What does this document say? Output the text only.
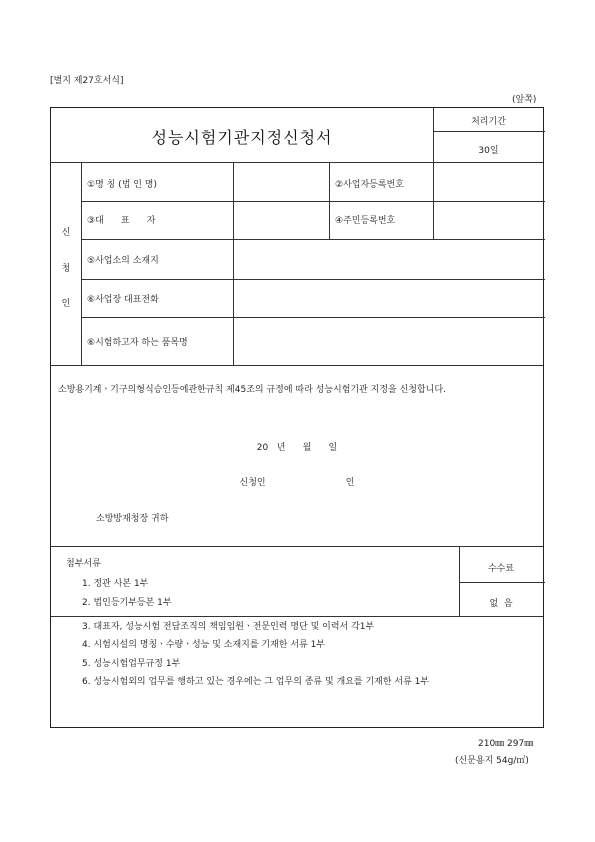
[별지 제27호서식]
(앞쪽)
성능시험기관지정신청서
처리기간
30일
신
청
인
①명 칭 (법 인 명)	②사업자등록번호
③대      표      자	④주민등록번호
⑤사업소의 소재지
⑥사업장 대표전화
⑥시험하고자 하는 품목명
소방용기계ㆍ기구의형식승인등에관한규칙 제45조의 규정에 따라 성능시험기관 지정을 신청합니다.
20   년      월      일
신청인                            인
소방방재청장 귀하
첨부서류
1. 정관 사본 1부
2. 법인등기부등본 1부
3. 대표자, 성능시험 전담조직의 책임임원ㆍ전문인력 명단 및 이력서 각1부
4. 시험시설의 명칭ㆍ수량ㆍ성능 및 소재지를 기재한 서류 1부
5. 성능시험업무규정 1부
6. 성능시험외의 업무를 행하고 있는 경우에는 그 업무의 종류 및 개요를 기재한 서류 1부
수수료
없  음
210㎜ 297㎜
(신문용지 54g/㎡)
